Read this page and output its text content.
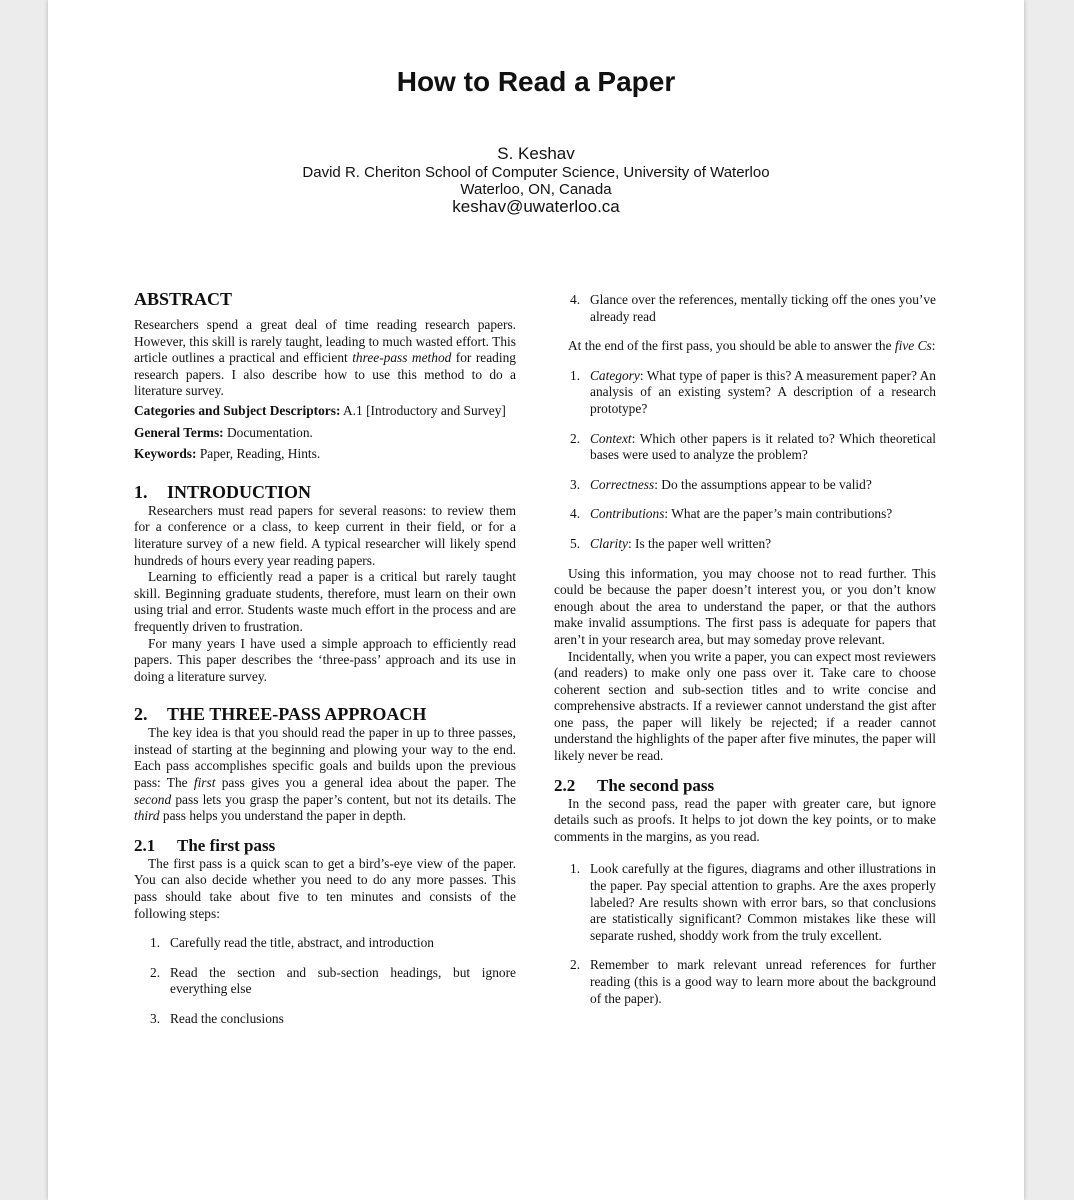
How to Read a Paper
S. Keshav
David R. Cheriton School of Computer Science, University of Waterloo
Waterloo, ON, Canada
keshav@uwaterloo.ca
ABSTRACT

Researchers spend a great deal of time reading research papers. However, this skill is rarely taught, leading to much wasted effort. This article outlines a practical and efficient three-pass method for reading research papers. I also describe how to use this method to do a literature survey.

Categories and Subject Descriptors: A.1 [Introductory and Survey]

General Terms: Documentation.

Keywords: Paper, Reading, Hints.

1. INTRODUCTION

Researchers must read papers for several reasons: to review them for a conference or a class, to keep current in their field, or for a literature survey of a new field. A typical researcher will likely spend hundreds of hours every year reading papers.

Learning to efficiently read a paper is a critical but rarely taught skill. Beginning graduate students, therefore, must learn on their own using trial and error. Students waste much effort in the process and are frequently driven to frustration.

For many years I have used a simple approach to efficiently read papers. This paper describes the ‘three-pass’ approach and its use in doing a literature survey.

2. THE THREE-PASS APPROACH

The key idea is that you should read the paper in up to three passes, instead of starting at the beginning and plowing your way to the end. Each pass accomplishes specific goals and builds upon the previous pass: The first pass gives you a general idea about the paper. The second pass lets you grasp the paper’s content, but not its details. The third pass helps you understand the paper in depth.

2.1 The first pass

The first pass is a quick scan to get a bird’s-eye view of the paper. You can also decide whether you need to do any more passes. This pass should take about five to ten minutes and consists of the following steps:

1. Carefully read the title, abstract, and introduction
2. Read the section and sub-section headings, but ignore everything else
3. Read the conclusions
4. Glance over the references, mentally ticking off the ones you’ve already read

At the end of the first pass, you should be able to answer the five Cs:

1. Category: What type of paper is this? A measurement paper? An analysis of an existing system? A description of a research prototype?
2. Context: Which other papers is it related to? Which theoretical bases were used to analyze the problem?
3. Correctness: Do the assumptions appear to be valid?
4. Contributions: What are the paper’s main contributions?
5. Clarity: Is the paper well written?

Using this information, you may choose not to read further. This could be because the paper doesn’t interest you, or you don’t know enough about the area to understand the paper, or that the authors make invalid assumptions. The first pass is adequate for papers that aren’t in your research area, but may someday prove relevant.

Incidentally, when you write a paper, you can expect most reviewers (and readers) to make only one pass over it. Take care to choose coherent section and sub-section titles and to write concise and comprehensive abstracts. If a reviewer cannot understand the gist after one pass, the paper will likely be rejected; if a reader cannot understand the highlights of the paper after five minutes, the paper will likely never be read.

2.2 The second pass

In the second pass, read the paper with greater care, but ignore details such as proofs. It helps to jot down the key points, or to make comments in the margins, as you read.

1. Look carefully at the figures, diagrams and other illustrations in the paper. Pay special attention to graphs. Are the axes properly labeled? Are results shown with error bars, so that conclusions are statistically significant? Common mistakes like these will separate rushed, shoddy work from the truly excellent.
2. Remember to mark relevant unread references for further reading (this is a good way to learn more about the background of the paper).
